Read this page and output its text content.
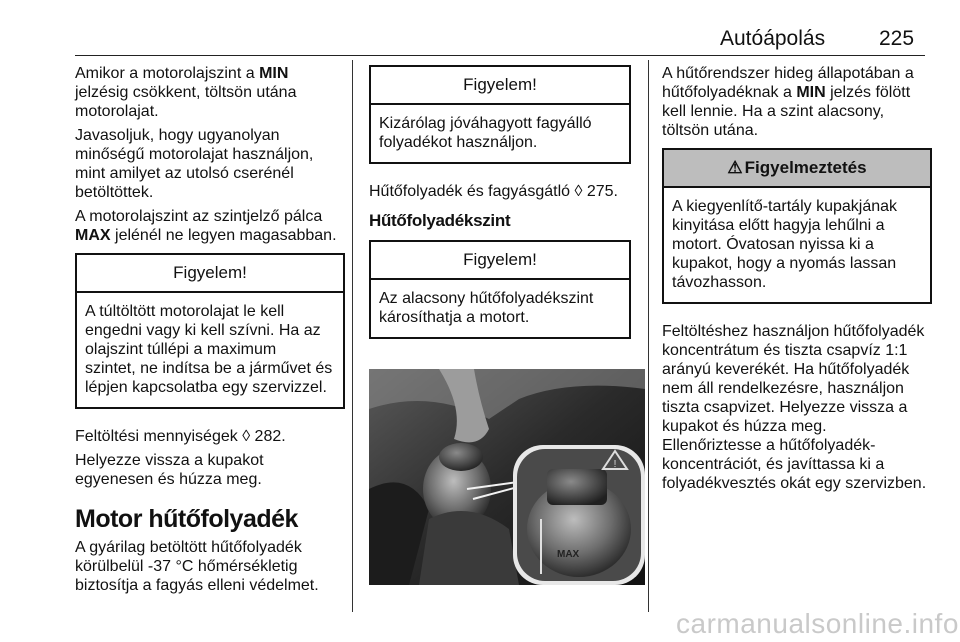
Autóápolás	225

Amikor a motorolajszint a MIN
jelzésig csökkent, töltsön utána
motorolajat.

Javasoljuk, hogy ugyanolyan
minőségű motorolajat használjon,
mint amilyet az utolsó cserénél
betöltöttek.

A motorolajszint az szintjelző pálca
MAX jelénél ne legyen magasabban.

Figyelem!
A túltöltött motorolajat le kell
engedni vagy ki kell szívni. Ha az
olajszint túllépi a maximum
szintet, ne indítsa be a járművet és
lépjen kapcsolatba egy szervizzel.

Feltöltési mennyiségek ◊ 282.

Helyezze vissza a kupakot
egyenesen és húzza meg.

Motor hűtőfolyadék

A gyárilag betöltött hűtőfolyadék
körülbelül -37 °C hőmérsékletig
biztosítja a fagyás elleni védelmet.

Figyelem!
Kizárólag jóváhagyott fagyálló
folyadékot használjon.

Hűtőfolyadék és fagyásgátló ◊ 275.

Hűtőfolyadékszint

Figyelem!
Az alacsony hűtőfolyadékszint
károsíthatja a motort.
!
MAX

A hűtőrendszer hideg állapotában a
hűtőfolyadéknak a MIN jelzés fölött
kell lennie. Ha a szint alacsony,
töltsön utána.

⚠ Figyelmeztetés
A kiegyenlítő-tartály kupakjának
kinyitása előtt hagyja lehűlni a
motort. Óvatosan nyissa ki a
kupakot, hogy a nyomás lassan
távozhasson.

Feltöltéshez használjon hűtőfolyadék
koncentrátum és tiszta csapvíz 1:1
arányú keverékét. Ha hűtőfolyadék
nem áll rendelkezésre, használjon
tiszta csapvizet. Helyezze vissza a
kupakot és húzza meg.
Ellenőriztesse a hűtőfolyadék-
koncentrációt, és javíttassa ki a
folyadékvesztés okát egy szervizben.

carmanualsonline.info
